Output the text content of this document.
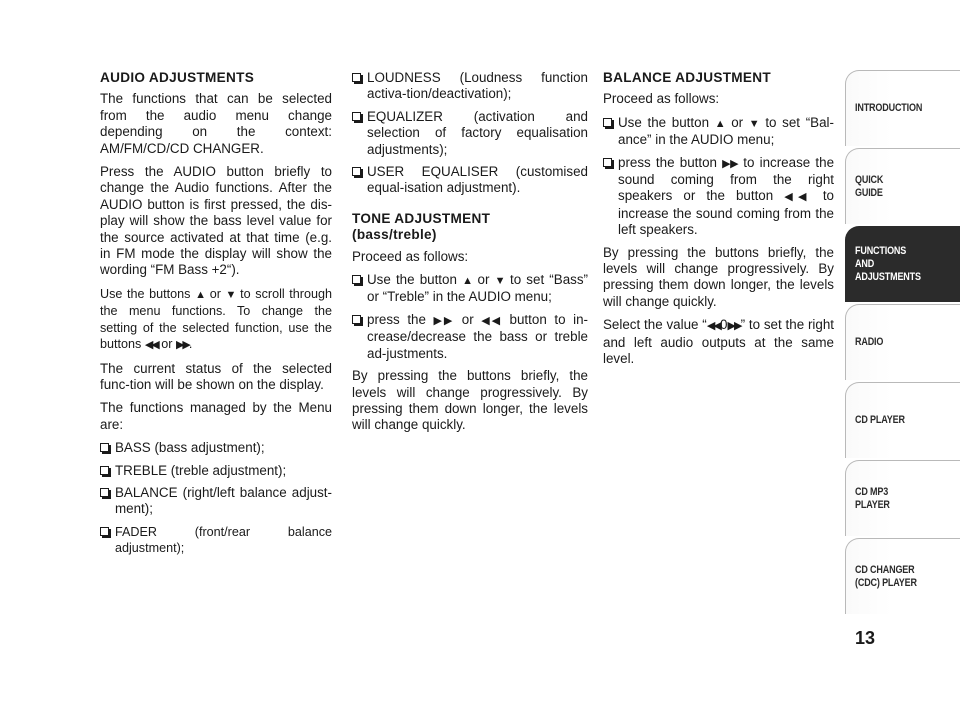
AUDIO ADJUSTMENTS

The functions that can be selected from the audio menu change depending on the context: AM/FM/CD/CD CHANGER.

Press the AUDIO button briefly to change the Audio functions. After the AUDIO button is first pressed, the dis-play will show the bass level value for the source activated at that time (e.g. in FM mode the display will show the wording “FM Bass +2“).

Use the buttons ▲ or ▼ to scroll through the menu functions. To change the setting of the selected function, use the buttons ◀◀ or ▶▶.

The current status of the selected func-tion will be shown on the display.

The functions managed by the Menu are:

BASS (bass adjustment);
TREBLE (treble adjustment);
BALANCE (right/left balance adjust-ment);
FADER (front/rear balance adjustment);
LOUDNESS (Loudness function activa-tion/deactivation);
EQUALIZER (activation and selection of factory equalisation adjustments);
USER EQUALISER (customised equal-isation adjustment).
TONE ADJUSTMENT
(bass/treble)

Proceed as follows:

Use the button ▲ or ▼ to set “Bass” or “Treble” in the AUDIO menu;
press the ▶▶ or ◀◀ button to in-crease/decrease the bass or treble ad-justments.

By pressing the buttons briefly, the levels will change progressively. By pressing them down longer, the levels will change quickly.

BALANCE ADJUSTMENT

Proceed as follows:

Use the button ▲ or ▼ to set “Bal-ance” in the AUDIO menu;
press the button ▶▶ to increase the sound coming from the right speakers or the button ◀◀ to increase the sound coming from the left speakers.

By pressing the buttons briefly, the levels will change progressively. By pressing them down longer, the levels will change quickly.

Select the value “◀◀0▶▶” to set the right and left audio outputs at the same level.

INTRODUCTION
QUICK
GUIDE
FUNCTIONS
AND
ADJUSTMENTS
RADIO
CD PLAYER
CD MP3
PLAYER
CD CHANGER
(CDC) PLAYER
13
